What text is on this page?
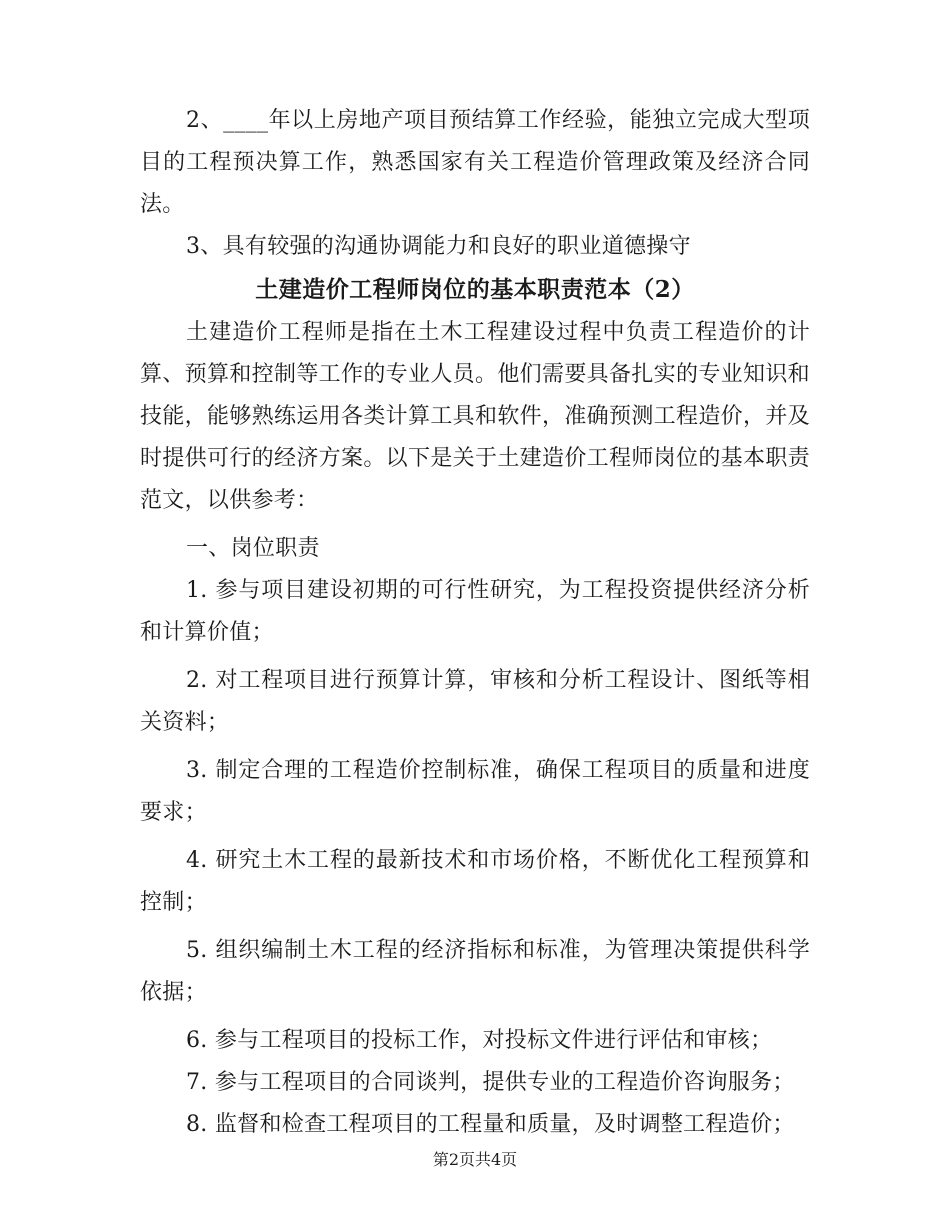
2、____年以上房地产项目预结算工作经验，能独立完成大型项目的工程预决算工作，熟悉国家有关工程造价管理政策及经济合同法。

3、具有较强的沟通协调能力和良好的职业道德操守

土建造价工程师岗位的基本职责范本（2）

土建造价工程师是指在土木工程建设过程中负责工程造价的计算、预算和控制等工作的专业人员。他们需要具备扎实的专业知识和技能，能够熟练运用各类计算工具和软件，准确预测工程造价，并及时提供可行的经济方案。以下是关于土建造价工程师岗位的基本职责范文，以供参考：

一、岗位职责

1. 参与项目建设初期的可行性研究，为工程投资提供经济分析和计算价值；

2. 对工程项目进行预算计算，审核和分析工程设计、图纸等相关资料；

3. 制定合理的工程造价控制标准，确保工程项目的质量和进度要求；

4. 研究土木工程的最新技术和市场价格，不断优化工程预算和控制；

5. 组织编制土木工程的经济指标和标准，为管理决策提供科学依据；

6. 参与工程项目的投标工作，对投标文件进行评估和审核；

7. 参与工程项目的合同谈判，提供专业的工程造价咨询服务；

8. 监督和检查工程项目的工程量和质量，及时调整工程造价；

第2页共4页
